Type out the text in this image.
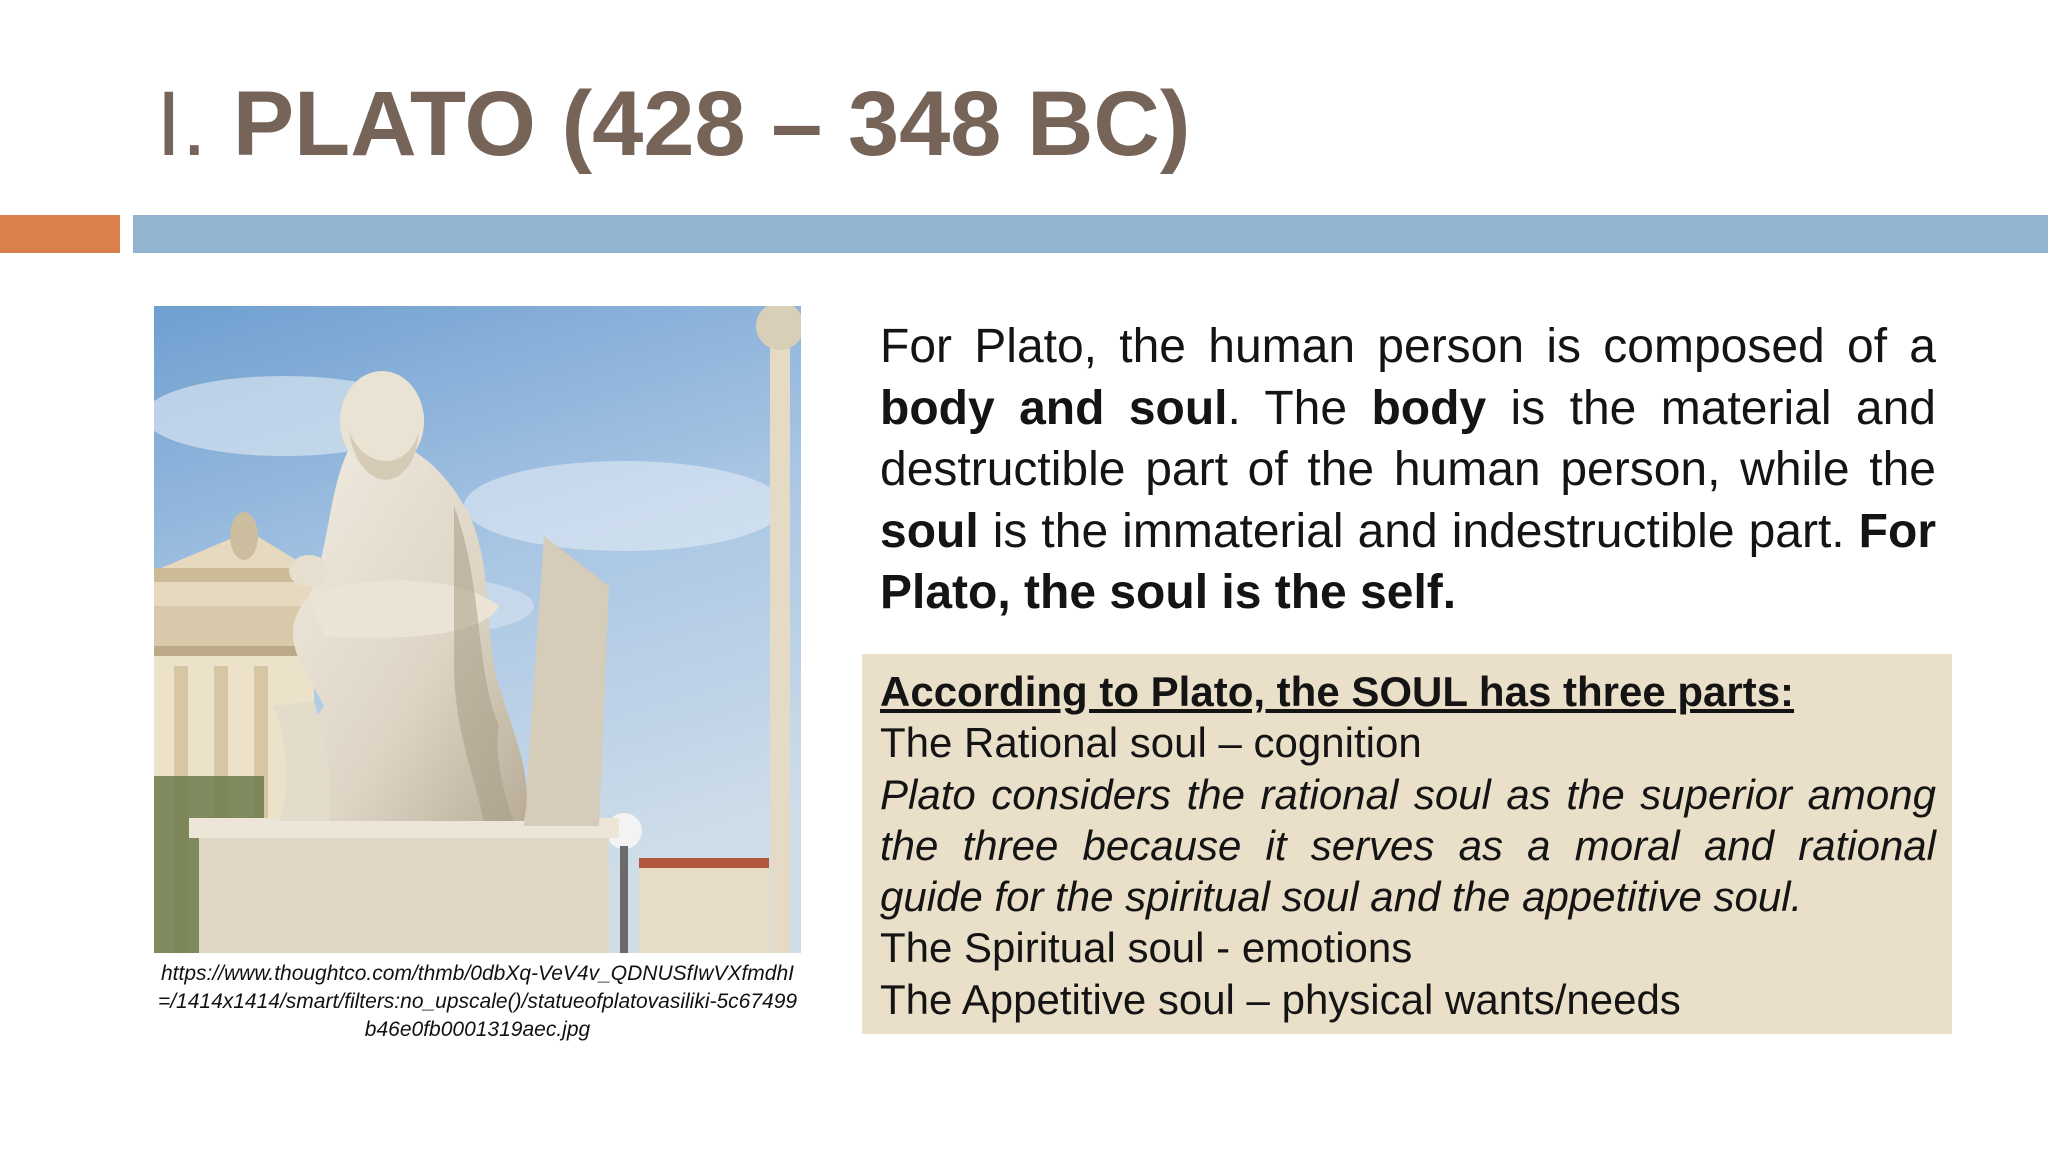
I. PLATO (428 – 348 BC)
https://www.thoughtco.com/thmb/0dbXq-VeV4v_QDNUSfIwVXfmdhI=/1414x1414/smart/filters:no_upscale()/statueofplatovasiliki-5c67499b46e0fb0001319aec.jpg

For Plato, the human person is composed of a body and soul. The body is the material and destructible part of the human person, while the soul is the immaterial and indestructible part. For Plato, the soul is the self.

According to Plato, the SOUL has three parts:

The Rational soul – cognition

Plato considers the rational soul as the superior among the three because it serves as a moral and rational guide for the spiritual soul and the appetitive soul.

The Spiritual soul - emotions

The Appetitive soul – physical wants/needs
